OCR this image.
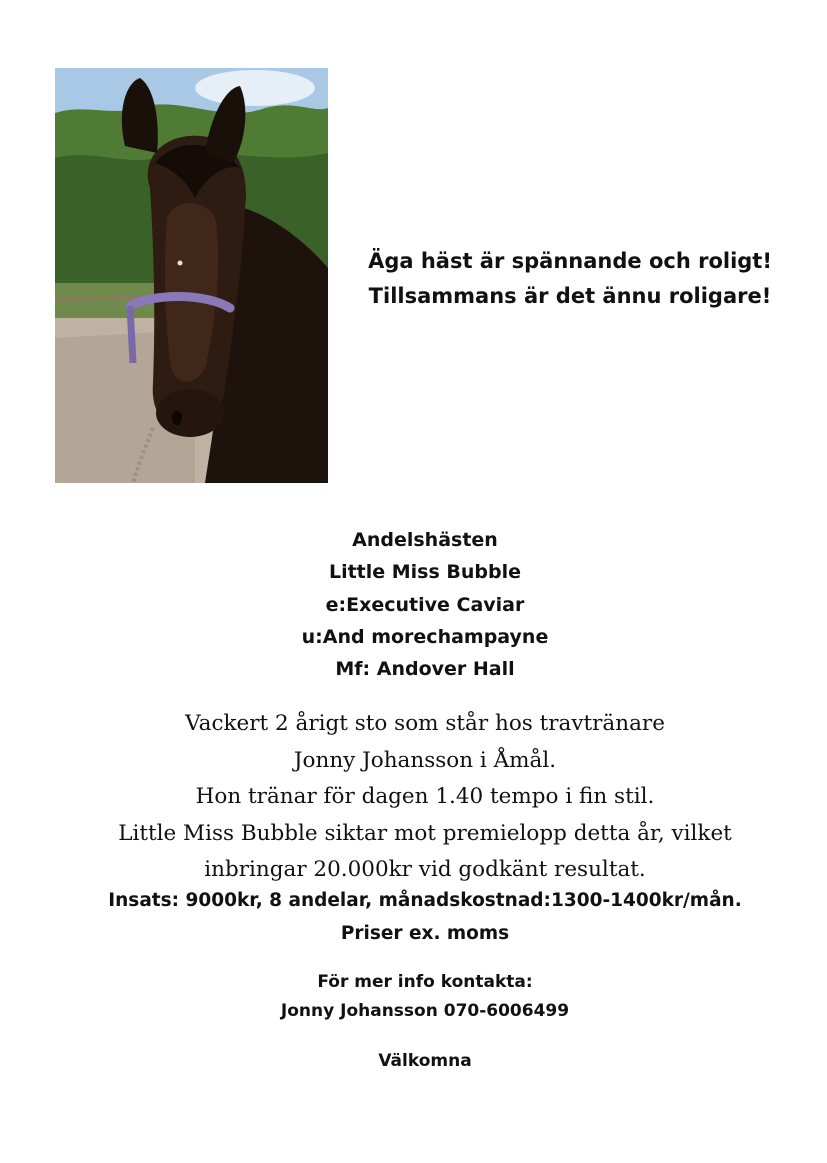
Äga häst är spännande och roligt!
Tillsammans är det ännu roligare!
Andelshästen
Little Miss Bubble
e:Executive Caviar
u:And morechampayne
Mf: Andover Hall
Vackert 2 årigt sto som står hos travtränare
Jonny Johansson i Åmål.
Hon tränar för dagen 1.40 tempo i fin stil.
Little Miss Bubble siktar mot premielopp detta år, vilket
inbringar 20.000kr vid godkänt resultat.
Insats: 9000kr, 8 andelar, månadskostnad:1300-1400kr/mån.
Priser ex. moms
För mer info kontakta:
Jonny Johansson 070-6006499
Välkomna
